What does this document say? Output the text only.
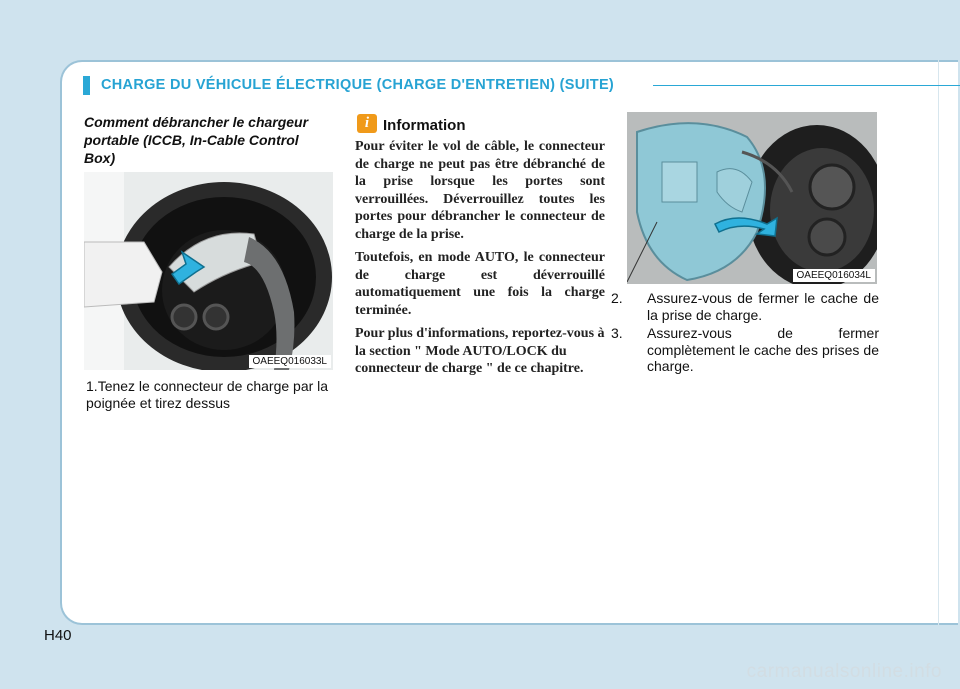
CHARGE DU VÉHICULE ÉLECTRIQUE (CHARGE D'ENTRETIEN) (SUITE)
Comment débrancher le chargeur portable (ICCB, In-Cable Control Box)
OAEEQ016033L
1.Tenez le connecteur de charge par la poignée et tirez dessus
i Information

Pour éviter le vol de câble, le connecteur de charge ne peut pas être débranché de la prise lorsque les portes sont verrouillées. Déverrouillez toutes les portes pour débrancher le connecteur de charge de la prise.

Toutefois, en mode AUTO, le connecteur de charge est déverrouillé automatiquement une fois la charge terminée.

Pour plus d'informations, reportez-vous à la section " Mode AUTO/LOCK du connecteur de charge " de ce chapitre.

OAEEQ016034L
2. Assurez-vous de fermer le cache de la prise de charge.
3. Assurez-vous de fermer complètement le cache des prises de charge.
H40
carmanualsonline.info
